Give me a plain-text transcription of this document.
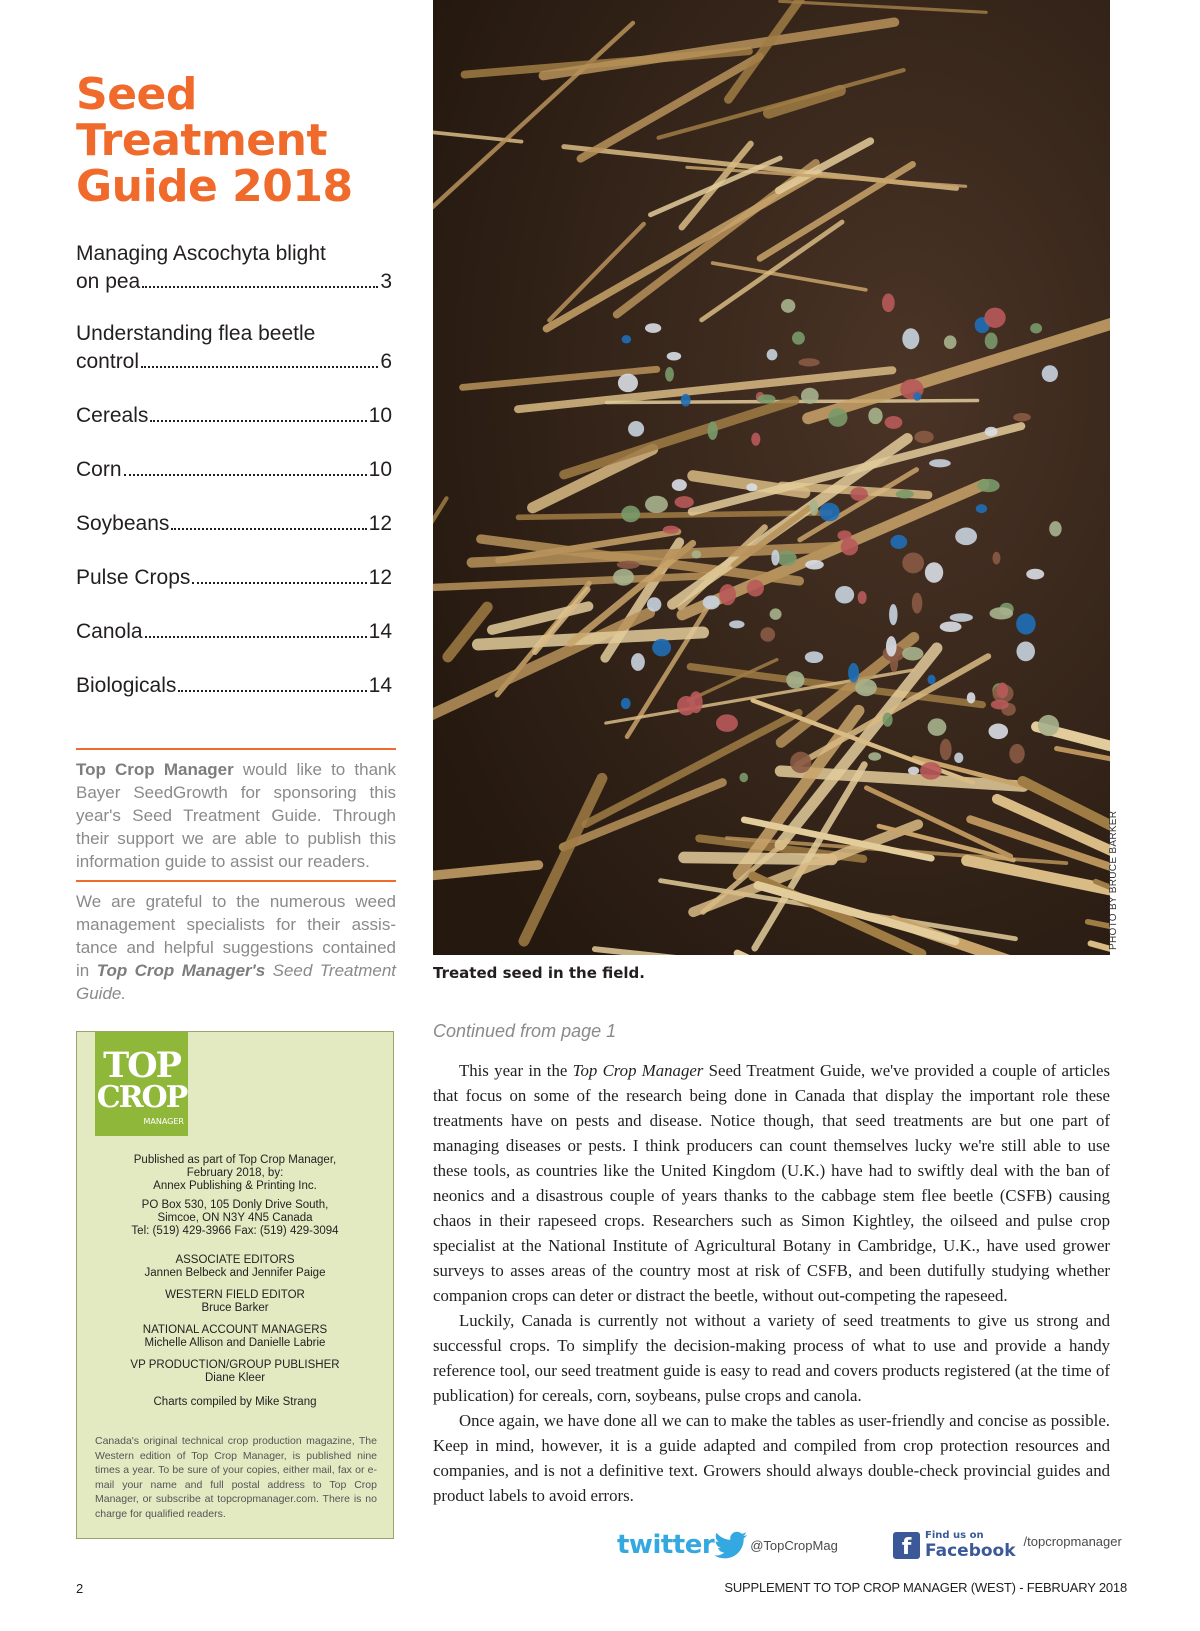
Seed
Treatment
Guide 2018
Managing Ascochyta blight
on pea	3
Understanding flea beetle
control	6
Cereals	10
Corn	10
Soybeans	12
Pulse Crops	12
Canola	14
Biologicals	14

Top Crop Manager would like to thank Bayer SeedGrowth for sponsoring this year's Seed Treatment Guide. Through their support we are able to publish this information guide to assist our readers.

We are grateful to the numerous weed management specialists for their assistance and helpful suggestions contained in Top Crop Manager's Seed Treatment Guide.

TOP
CROP
MANAGER
Published as part of Top Crop Manager,
February 2018, by:
Annex Publishing & Printing Inc.
PO Box 530, 105 Donly Drive South,
Simcoe, ON N3Y 4N5 Canada
Tel: (519) 429-3966 Fax: (519) 429-3094
ASSOCIATE EDITORS
Jannen Belbeck and Jennifer Paige
WESTERN FIELD EDITOR
Bruce Barker
NATIONAL ACCOUNT MANAGERS
Michelle Allison and Danielle Labrie
VP PRODUCTION/GROUP PUBLISHER
Diane Kleer
Charts compiled by Mike Strang

Canada's original technical crop production magazine, The Western edition of Top Crop Manager, is published nine times a year. To be sure of your copies, either mail, fax or e-mail your name and full postal address to Top Crop Manager, or subscribe at topcropmanager.com. There is no charge for qualified readers.

PHOTO BY BRUCE BARKER

Treated seed in the field.

Continued from page 1

This year in the Top Crop Manager Seed Treatment Guide, we've provided a couple of articles that focus on some of the research being done in Canada that display the important role these treatments have on pests and disease. Notice though, that seed treatments are but one part of managing diseases or pests. I think producers can count themselves lucky we're still able to use these tools, as countries like the United Kingdom (U.K.) have had to swiftly deal with the ban of neonics and a disastrous couple of years thanks to the cabbage stem flee beetle (CSFB) causing chaos in their rapeseed crops. Researchers such as Simon Kightley, the oilseed and pulse crop specialist at the National Institute of Agricultural Botany in Cambridge, U.K., have used grower surveys to asses areas of the country most at risk of CSFB, and been dutifully studying whether companion crops can deter or distract the beetle, without out-competing the rapeseed.

Luckily, Canada is currently not without a variety of seed treatments to give us strong and successful crops. To simplify the decision-making process of what to use and provide a handy reference tool, our seed treatment guide is easy to read and covers products registered (at the time of publication) for cereals, corn, soybeans, pulse crops and canola.

Once again, we have done all we can to make the tables as user-friendly and concise as possible. Keep in mind, however, it is a guide adapted and compiled from crop protection resources and companies, and is not a definitive text. Growers should always double-check provincial guides and product labels to avoid errors.

twitter	@TopCropMag	f	Find us on
Facebook /topcropmanager

2	SUPPLEMENT TO TOP CROP MANAGER (WEST) - FEBRUARY 2018
